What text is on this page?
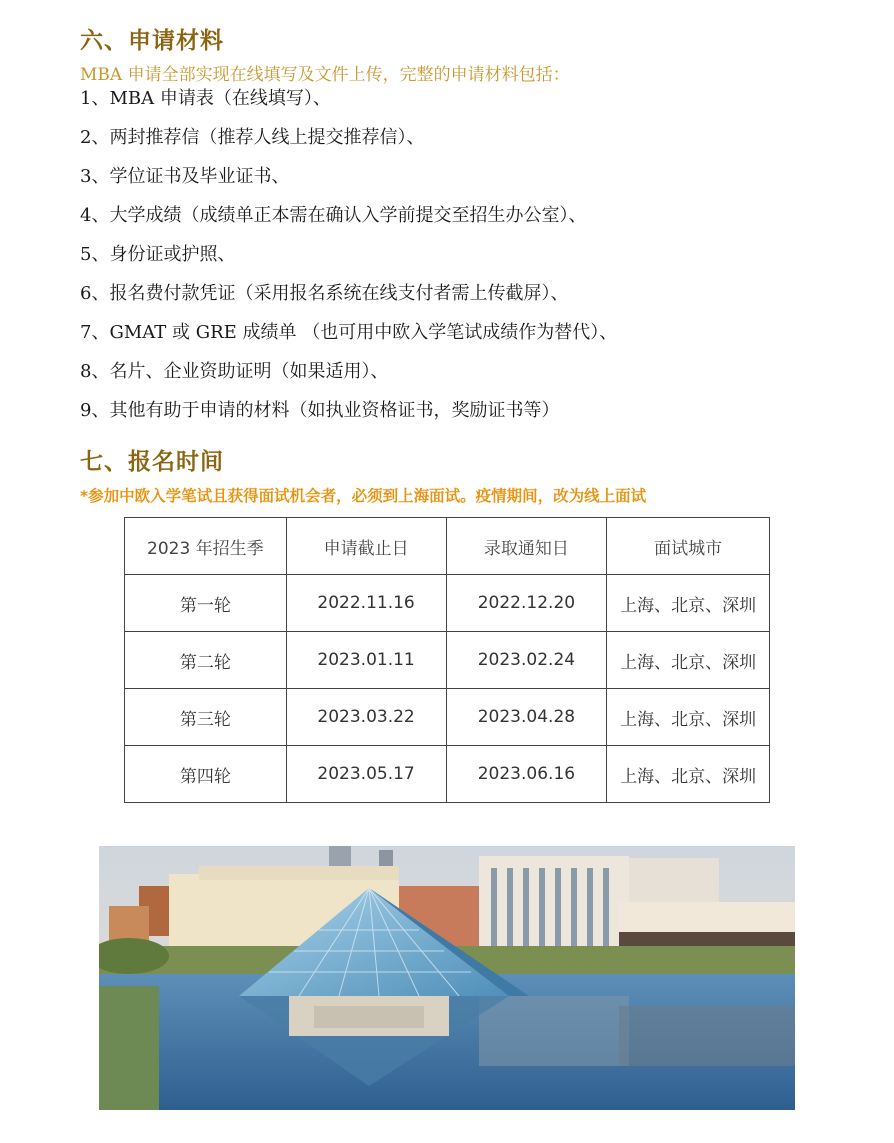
六、申请材料
MBA 申请全部实现在线填写及文件上传，完整的申请材料包括：
1、MBA 申请表（在线填写）、
2、两封推荐信（推荐人线上提交推荐信）、
3、学位证书及毕业证书、
4、大学成绩（成绩单正本需在确认入学前提交至招生办公室）、
5、身份证或护照、
6、报名费付款凭证（采用报名系统在线支付者需上传截屏）、
7、GMAT 或 GRE 成绩单 （也可用中欧入学笔试成绩作为替代）、
8、名片、企业资助证明（如果适用）、
9、其他有助于申请的材料（如执业资格证书，奖励证书等）
七、报名时间
*参加中欧入学笔试且获得面试机会者，必须到上海面试。疫情期间，改为线上面试
2023 年招生季	申请截止日	录取通知日	面试城市
第一轮	2022.11.16	2022.12.20	上海、北京、深圳
第二轮	2023.01.11	2023.02.24	上海、北京、深圳
第三轮	2023.03.22	2023.04.28	上海、北京、深圳
第四轮	2023.05.17	2023.06.16	上海、北京、深圳
